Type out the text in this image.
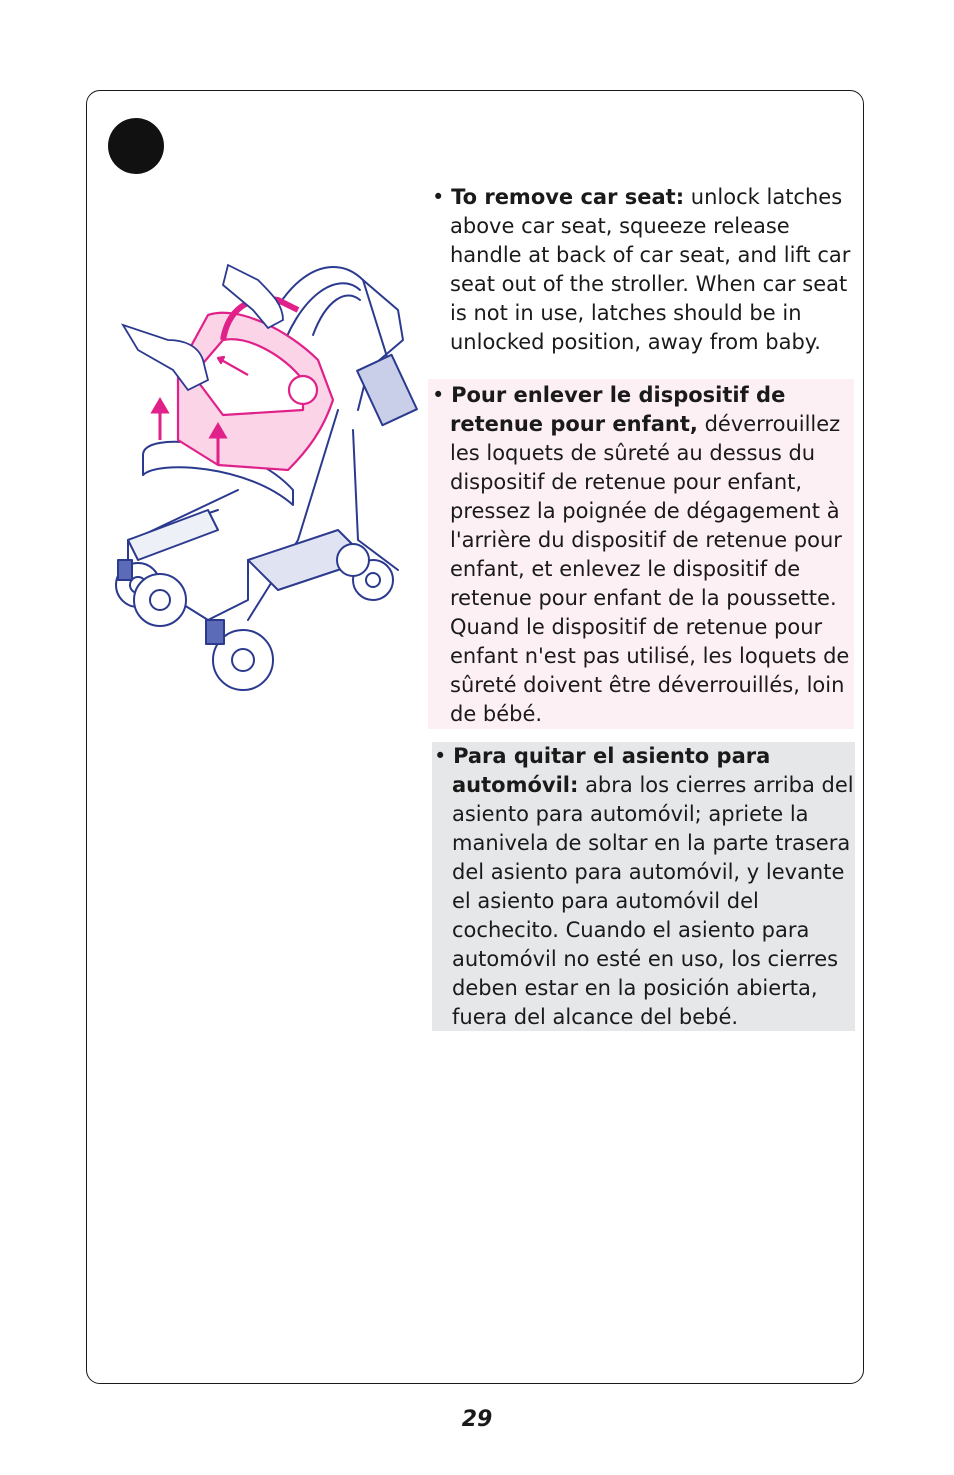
• To remove car seat: unlock latches above car seat, squeeze release handle at back of car seat, and lift car seat out of the stroller. When car seat is not in use, latches should be in unlocked position, away from baby.

• Pour enlever le dispositif de retenue pour enfant, déverrouillez les loquets de sûreté au dessus du dispositif de retenue pour enfant, pressez la poignée de dégagement à l'arrière du dispositif de retenue pour enfant, et enlevez le dispositif de retenue pour enfant de la poussette. Quand le dispositif de retenue pour enfant n'est pas utilisé, les loquets de sûreté doivent être déverrouillés, loin de bébé.

• Para quitar el asiento para automóvil: abra los cierres arriba del asiento para automóvil; apriete la manivela de soltar en la parte trasera del asiento para automóvil, y levante el asiento para automóvil del cochecito. Cuando el asiento para automóvil no esté en uso, los cierres deben estar en la posición abierta, fuera del alcance del bebé.

29
